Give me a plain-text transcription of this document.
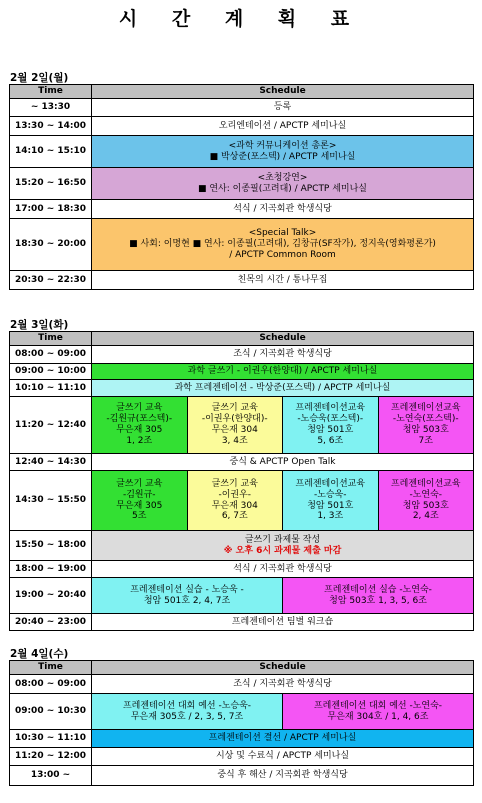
시 간 계 획 표
2월 2일(월)
Time	Schedule
~ 13:30	등록
13:30 ~ 14:00	오리엔테이션 / APCTP 세미나실
14:10 ~ 15:10	<과학 커뮤니케이션 총론>
■ 박상준(포스텍) / APCTP 세미나실

15:20 ~ 16:50	<초청강연>
■ 연사: 이종필(고려대) / APCTP 세미나실

17:00 ~ 18:30	석식 / 지곡회관 학생식당
18:30 ~ 20:00	<Special Talk>
■ 사회: 이명현 ■ 연사: 이종필(고려대), 김창규(SF작가), 정지욱(영화평론가)
/ APCTP Common Room

20:30 ~ 22:30	친목의 시간 / 통나무집
2월 3일(화)
Time	Schedule			
08:00 ~ 09:00	조식 / 지곡회관 학생식당			
09:00 ~ 10:00	과학 글쓰기 - 이권우(한양대) / APCTP 세미나실			
10:10 ~ 11:10	과학 프레젠테이션 - 박상준(포스텍) / APCTP 세미나실			
11:20 ~ 12:40	글쓰기 교육
-김원규(포스텍)-
무은재 305
1, 2조	글쓰기 교육
-이권우(한양대)-
무은재 304
3, 4조	프레젠테이션교육
-노승욱(포스텍)-
청암 501호
5, 6조	프레젠테이션교육
-노연숙(포스텍)-
청암 503호
7조

12:40 ~ 14:30	중식 & APCTP Open Talk			
14:30 ~ 15:50	글쓰기 교육
-김원규-
무은재 305
5조	글쓰기 교육
-이권우-
무은재 304
6, 7조	프레젠테이션교육
-노승욱-
청암 501호
1, 3조	프레젠테이션교육
-노연숙-
청암 503호
2, 4조

15:50 ~ 18:00	글쓰기 과제물 작성
※ 오후 6시 과제물 제출 마감			

18:00 ~ 19:00	석식 / 지곡회관 학생식당			
19:00 ~ 20:40	프레젠테이션 실습 - 노승욱 -
청암 501호 2, 4, 7조		프레젠테이션 실습 -노연숙-
청암 503호 1, 3, 5, 6조	

20:40 ~ 23:00	프레젠테이션 팀별 워크숍			
2월 4일(수)
Time	Schedule	
08:00 ~ 09:00	조식 / 지곡회관 학생식당	
09:00 ~ 10:30	프레젠테이션 대회 예선 -노승욱-
무은재 305호 / 2, 3, 5, 7조	프레젠테이션 대회 예선 -노연숙-
무은재 304호 / 1, 4, 6조

10:30 ~ 11:10	프레젠테이션 결선 / APCTP 세미나실	
11:20 ~ 12:00	시상 및 수료식 / APCTP 세미나실	
13:00 ~	중식 후 해산 / 지곡회관 학생식당	
